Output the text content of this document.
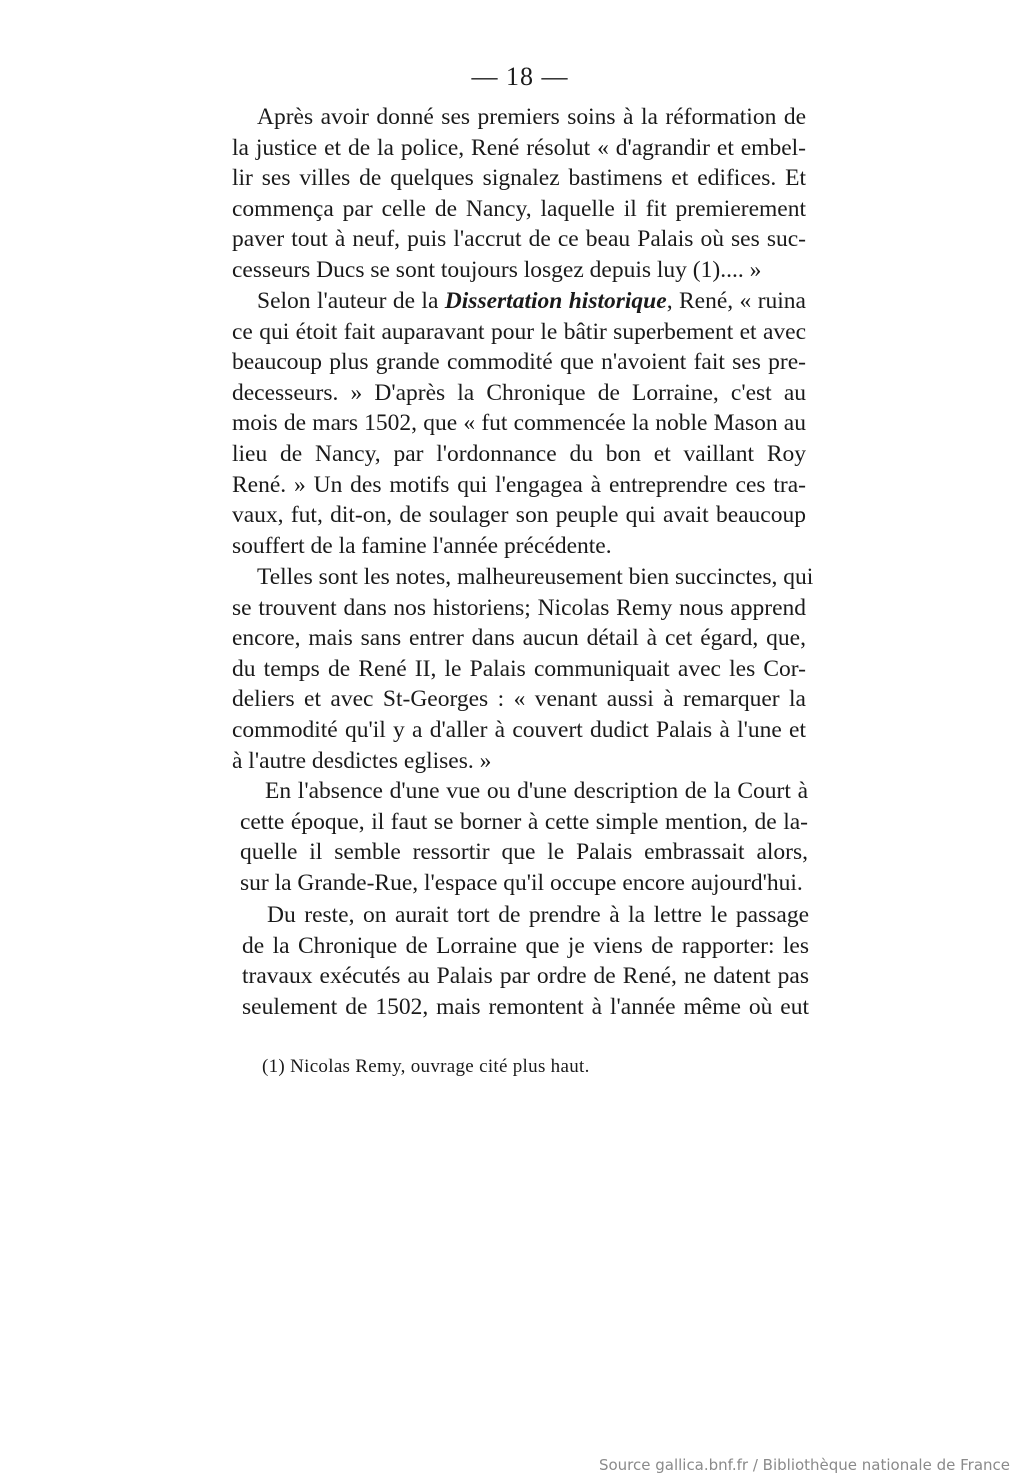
— 18 —
Après avoir donné ses premiers soins à la réformation de
la justice et de la police, René résolut « d'agrandir et embel-
lir ses villes de quelques signalez bastimens et edifices. Et
commença par celle de Nancy, laquelle il fit premierement
paver tout à neuf, puis l'accrut de ce beau Palais où ses suc-
cesseurs Ducs se sont toujours losgez depuis luy (1).... »
Selon l'auteur de la Dissertation historique, René, « ruina
ce qui étoit fait auparavant pour le bâtir superbement et avec
beaucoup plus grande commodité que n'avoient fait ses pre-
decesseurs. » D'après la Chronique de Lorraine, c'est au
mois de mars 1502, que « fut commencée la noble Mason au
lieu de Nancy, par l'ordonnance du bon et vaillant Roy
René. » Un des motifs qui l'engagea à entreprendre ces tra-
vaux, fut, dit-on, de soulager son peuple qui avait beaucoup
souffert de la famine l'année précédente.
Telles sont les notes, malheureusement bien succinctes, qui
se trouvent dans nos historiens; Nicolas Remy nous apprend
encore, mais sans entrer dans aucun détail à cet égard, que,
du temps de René II, le Palais communiquait avec les Cor-
deliers et avec St-Georges : « venant aussi à remarquer la
commodité qu'il y a d'aller à couvert dudict Palais à l'une et
à l'autre desdictes eglises. »
En l'absence d'une vue ou d'une description de la Court à
cette époque, il faut se borner à cette simple mention, de la-
quelle il semble ressortir que le Palais embrassait alors,
sur la Grande-Rue, l'espace qu'il occupe encore aujourd'hui.
Du reste, on aurait tort de prendre à la lettre le passage
de la Chronique de Lorraine que je viens de rapporter: les
travaux exécutés au Palais par ordre de René, ne datent pas
seulement de 1502, mais remontent à l'année même où eut
(1) Nicolas Remy, ouvrage cité plus haut.
Source gallica.bnf.fr / Bibliothèque nationale de France
